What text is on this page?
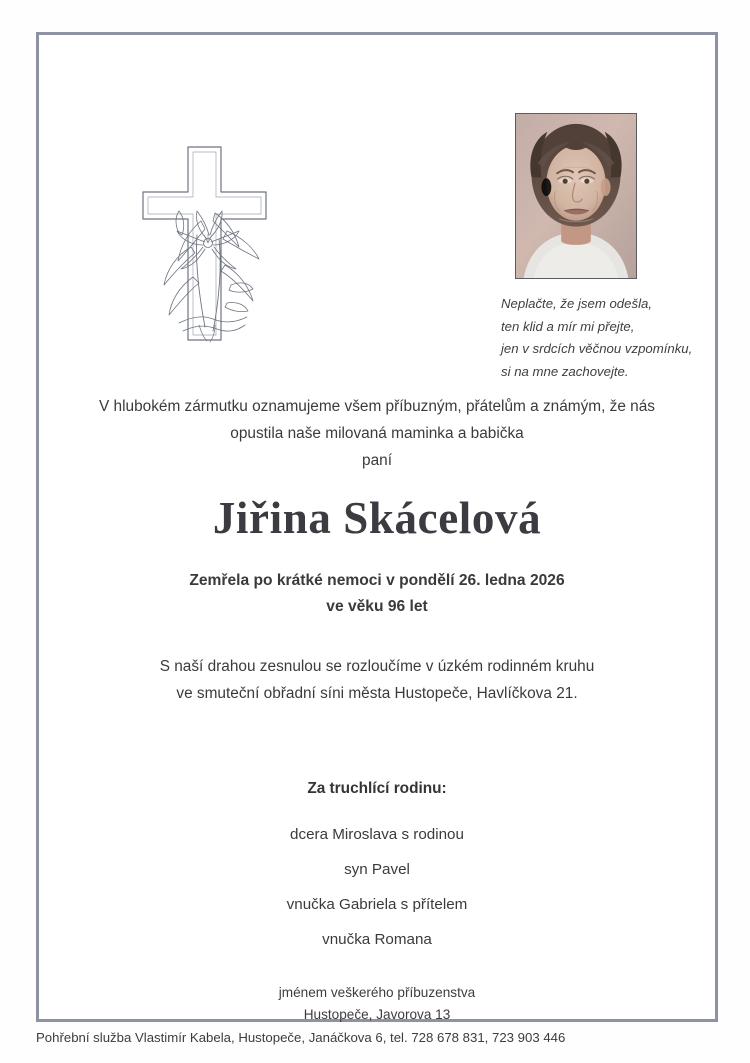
Neplačte, že jsem odešla,
ten klid a mír mi přejte,
jen v srdcích věčnou vzpomínku,
si na mne zachovejte.
V hlubokém zármutku oznamujeme všem příbuzným, přátelům a známým, že nás
opustila naše milovaná maminka a babička
paní
Jiřina Skácelová
Zemřela po krátké nemoci v pondělí 26. ledna 2026
ve věku 96 let
S naší drahou zesnulou se rozloučíme v úzkém rodinném kruhu
ve smuteční obřadní síni města Hustopeče, Havlíčkova 21.
Za truchlící rodinu:
dcera Miroslava s rodinou
syn Pavel
vnučka Gabriela s přítelem
vnučka Romana
jménem veškerého příbuzenstva
Hustopeče, Javorova 13
Pohřební služba Vlastimír Kabela, Hustopeče, Janáčkova 6, tel. 728 678 831, 723 903 446
